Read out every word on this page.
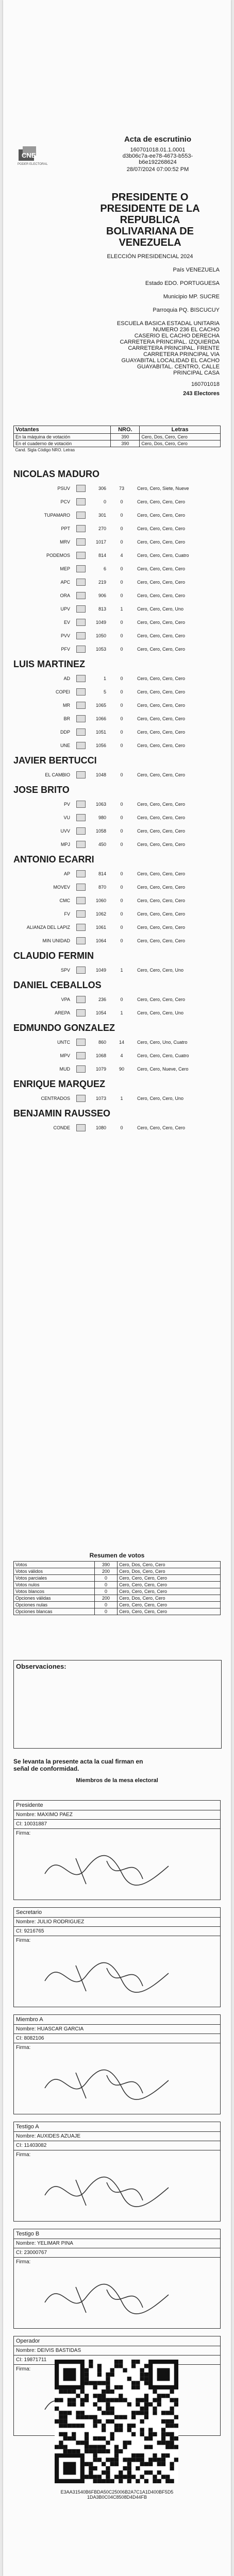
CNE
PODER ELECTORAL
Acta de escrutinio
160701018.01.1.0001
d3b06c7a-ee78-4673-b553-
b6e192268624
28/07/2024 07:00:52 PM
PRESIDENTE O
PRESIDENTE DE LA
REPUBLICA
BOLIVARIANA DE
VENEZUELA
ELECCIÓN PRESIDENCIAL 2024
País VENEZUELA
Estado EDO. PORTUGUESA
Municipio MP. SUCRE
Parroquia PQ. BISCUCUY
ESCUELA BASICA ESTADAL UNITARIA
NUMERO 236 EL CACHO
CASERIO EL CACHO DERECHA
CARRETERA PRINCIPAL. IZQUIERDA
CARRETERA PRINCIPAL. FRENTE
CARRETERA PRINCIPAL VIA
GUAYABITAL LOCALIDAD EL CACHO
GUAYABITAL. CENTRO, CALLE
PRINCIPAL CASA
160701018
243 Electores
Votantes	NRO.	Letras
En la máquina de votación	390	Cero, Dos, Cero, Cero
En el cuaderno de votación	390	Cero, Dos, Cero, Cero
Cand. Sigla Código NRO. Letras		
NICOLAS MADURO
PSUV	306	73	Cero, Cero, Siete, Nueve
PCV	0	0	Cero, Cero, Cero, Cero
TUPAMARO	301	0	Cero, Cero, Cero, Cero
PPT	270	0	Cero, Cero, Cero, Cero
MRV	1017	0	Cero, Cero, Cero, Cero
PODEMOS	814	4	Cero, Cero, Cero, Cuatro
MEP	6	0	Cero, Cero, Cero, Cero
APC	219	0	Cero, Cero, Cero, Cero
ORA	906	0	Cero, Cero, Cero, Cero
UPV	813	1	Cero, Cero, Cero, Uno
EV	1049	0	Cero, Cero, Cero, Cero
PVV	1050	0	Cero, Cero, Cero, Cero
PFV	1053	0	Cero, Cero, Cero, Cero
LUIS MARTINEZ
AD	1	0	Cero, Cero, Cero, Cero
COPEI	5	0	Cero, Cero, Cero, Cero
MR	1065	0	Cero, Cero, Cero, Cero
BR	1066	0	Cero, Cero, Cero, Cero
DDP	1051	0	Cero, Cero, Cero, Cero
UNE	1056	0	Cero, Cero, Cero, Cero
JAVIER BERTUCCI
EL CAMBIO	1048	0	Cero, Cero, Cero, Cero
JOSE BRITO
PV	1063	0	Cero, Cero, Cero, Cero
VU	980	0	Cero, Cero, Cero, Cero
UVV	1058	0	Cero, Cero, Cero, Cero
MPJ	450	0	Cero, Cero, Cero, Cero
ANTONIO ECARRI
AP	814	0	Cero, Cero, Cero, Cero
MOVEV	870	0	Cero, Cero, Cero, Cero
CMC	1060	0	Cero, Cero, Cero, Cero
FV	1062	0	Cero, Cero, Cero, Cero
ALIANZA DEL LAPIZ	1061	0	Cero, Cero, Cero, Cero
MIN UNIDAD	1064	0	Cero, Cero, Cero, Cero
CLAUDIO FERMIN
SPV	1049	1	Cero, Cero, Cero, Uno
DANIEL CEBALLOS
VPA	236	0	Cero, Cero, Cero, Cero
AREPA	1054	1	Cero, Cero, Cero, Uno
EDMUNDO GONZALEZ
UNTC	860	14	Cero, Cero, Uno, Cuatro
MPV	1068	4	Cero, Cero, Cero, Cuatro
MUD	1079	90	Cero, Cero, Nueve, Cero
ENRIQUE MARQUEZ
CENTRADOS	1073	1	Cero, Cero, Cero, Uno
BENJAMIN RAUSSEO
CONDE	1080	0	Cero, Cero, Cero, Cero
Resumen de votos
Votos	390	Cero, Dos, Cero, Cero
Votos válidos	200	Cero, Dos, Cero, Cero
Votos parciales	0	Cero, Cero, Cero, Cero
Votos nulos	0	Cero, Cero, Cero, Cero
Votos blancos	0	Cero, Cero, Cero, Cero
Opciones válidas	200	Cero, Dos, Cero, Cero
Opciones nulas	0	Cero, Cero, Cero, Cero
Opciones blancas	0	Cero, Cero, Cero, Cero
Observaciones:
Se levanta la presente acta la cual firman en
señal de conformidad.
Miembros de la mesa electoral
Presidente
Nombre: MAXIMO PAEZ
CI: 10031887
Firma:
Secretario
Nombre: JULIO RODRIGUEZ
CI: 9216765
Firma:
Miembro A
Nombre: HUASCAR GARCIA
CI: 8082106
Firma:
Testigo A
Nombre: AUXIDES AZUAJE
CI: 11403082
Firma:
Testigo B
Nombre: YELIMAR PINA
CI: 23000767
Firma:
Operador
Nombre: DEIVIS BASTIDAS
CI: 19871711
Firma:
E3AA31540B6FBDA50C25006B2A7C1A1D400BF5D5
1DA3B0C04C8508D4D44FB
